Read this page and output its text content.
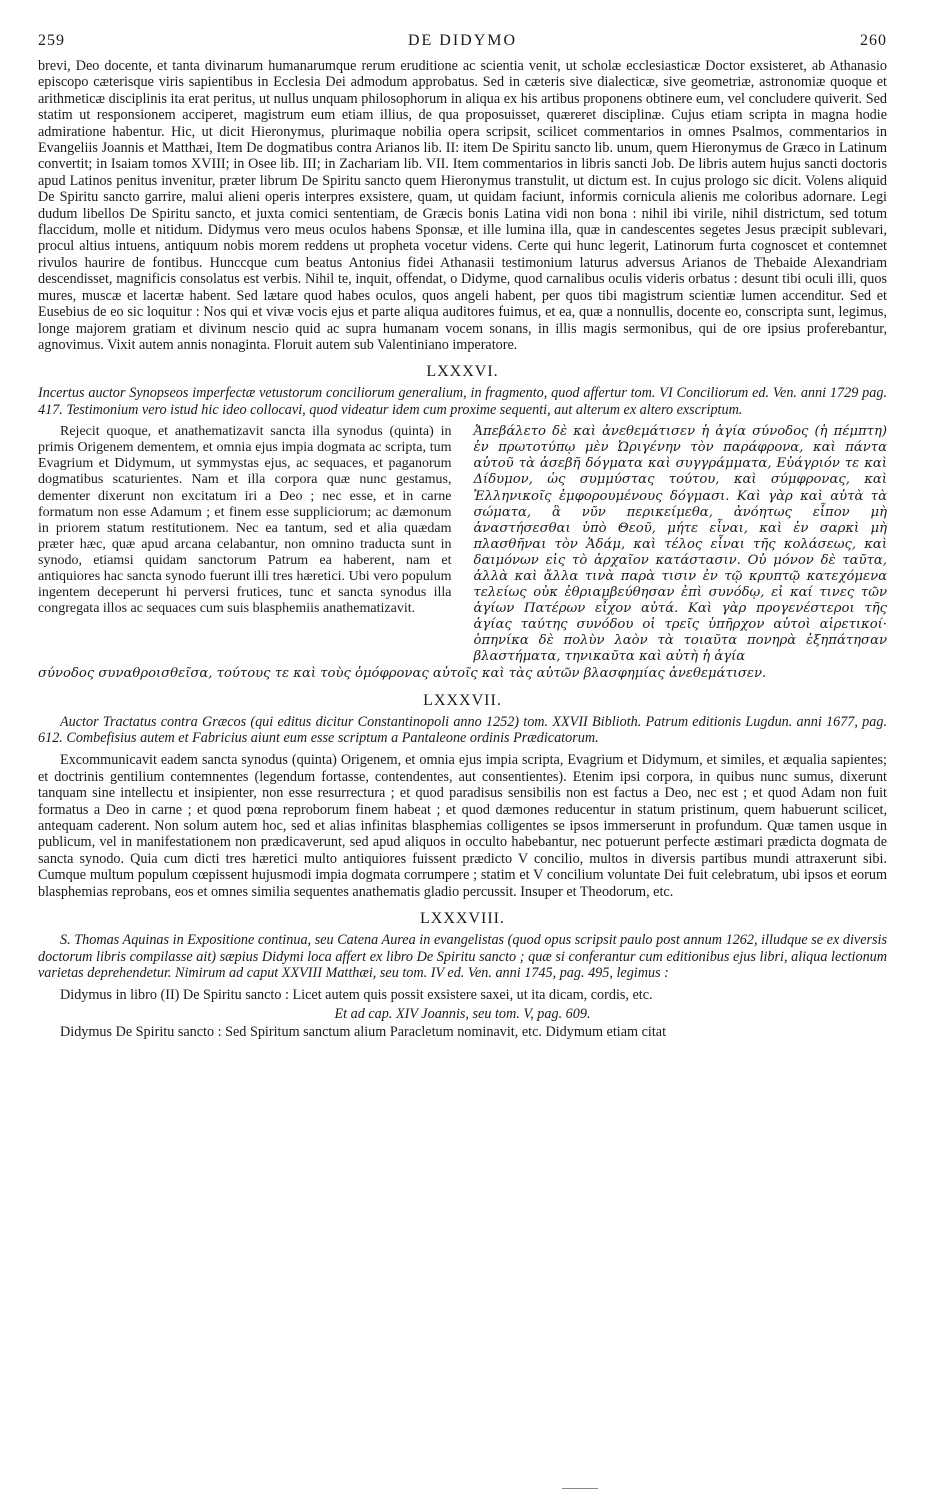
259	DE DIDYMO	260

brevi, Deo docente, et tanta divinarum humanarumque rerum eruditione ac scientia venit, ut scholæ ecclesiasticæ Doctor exsisteret, ab Athanasio episcopo cæterisque viris sapientibus in Ecclesia Dei admodum approbatus. Sed in cæteris sive dialecticæ, sive geometriæ, astronomiæ quoque et arithmeticæ disciplinis ita erat peritus, ut nullus unquam philosophorum in aliqua ex his artibus proponens obtinere eum, vel concludere quiverit. Sed statim ut responsionem acciperet, magistrum eum etiam illius, de qua proposuisset, quæreret disciplinæ. Cujus etiam scripta in magna hodie admiratione habentur. Hic, ut dicit Hieronymus, plurimaque nobilia opera scripsit, scilicet commentarios in omnes Psalmos, commentarios in Evangeliis Joannis et Matthæi, Item De dogmatibus contra Arianos lib. II: item De Spiritu sancto lib. unum, quem Hieronymus de Græco in Latinum convertit; in Isaiam tomos XVIII; in Osee lib. III; in Zachariam lib. VII. Item commentarios in libris sancti Job. De libris autem hujus sancti doctoris apud Latinos penitus invenitur, præter librum De Spiritu sancto quem Hieronymus transtulit, ut dictum est. In cujus prologo sic dicit. Volens aliquid De Spiritu sancto garrire, malui alieni operis interpres exsistere, quam, ut quidam faciunt, informis cornicula alienis me coloribus adornare. Legi dudum libellos De Spiritu sancto, et juxta comici sententiam, de Græcis bonis Latina vidi non bona : nihil ibi virile, nihil districtum, sed totum flaccidum, molle et nitidum. Didymus vero meus oculos habens Sponsæ, et ille lumina illa, quæ in candescentes segetes Jesus præcipit sublevari, procul altius intuens, antiquum nobis morem reddens ut propheta vocetur videns. Certe qui hunc legerit, Latinorum furta cognoscet et contemnet rivulos haurire de fontibus. Hunccque cum beatus Antonius fidei Athanasii testimonium laturus adversus Arianos de Thebaide Alexandriam descendisset, magnificis consolatus est verbis. Nihil te, inquit, offendat, o Didyme, quod carnalibus oculis videris orbatus : desunt tibi oculi illi, quos mures, muscæ et lacertæ habent. Sed lætare quod habes oculos, quos angeli habent, per quos tibi magistrum scientiæ lumen accenditur. Sed et Eusebius de eo sic loquitur : Nos qui et vivæ vocis ejus et parte aliqua auditores fuimus, et ea, quæ a nonnullis, docente eo, conscripta sunt, legimus, longe majorem gratiam et divinum nescio quid ac supra humanam vocem sonans, in illis magis sermonibus, qui de ore ipsius proferebantur, agnovimus. Vixit autem annis nonaginta. Floruit autem sub Valentiniano imperatore.

LXXXVI.

Incertus auctor Synopseos imperfectæ vetustorum conciliorum generalium, in fragmento, quod affertur tom. VI Conciliorum ed. Ven. anni 1729 pag. 417. Testimonium vero istud hic ideo collocavi, quod videatur idem cum proxime sequenti, aut alterum ex altero exscriptum.

Rejecit quoque, et anathematizavit sancta illa synodus (quinta) in primis Origenem dementem, et omnia ejus impia dogmata ac scripta, tum Evagrium et Didymum, ut symmystas ejus, ac sequaces, et paganorum dogmatibus scaturientes. Nam et illa corpora quæ nunc gestamus, dementer dixerunt non excitatum iri a Deo ; nec esse, et in carne formatum non esse Adamum ; et finem esse suppliciorum; ac dæmonum in priorem statum restitutionem. Nec ea tantum, sed et alia quædam præter hæc, quæ apud arcana celabantur, non omnino traducta sunt in synodo, etiamsi quidam sanctorum Patrum ea haberent, nam et antiquiores hac sancta synodo fuerunt illi tres hæretici. Ubi vero populum ingentem deceperunt hi perversi frutices, tunc et sancta synodus illa congregata illos ac sequaces cum suis blasphemiis anathematizavit.

Ἀπεβάλετο δὲ καὶ ἀνεθεμάτισεν ἡ ἁγία σύνοδος (ἡ πέμπτη) ἐν πρωτοτύπῳ μὲν Ὠριγένην τὸν παράφρονα, καὶ πάντα αὐτοῦ τὰ ἀσεβῆ δόγματα καὶ συγγράμματα, Εὐάγριόν τε καὶ Δίδυμον, ὡς συμμύστας τούτου, καὶ σύμφρονας, καὶ Ἑλληνικοῖς ἐμφορουμένους δόγμασι. Καὶ γὰρ καὶ αὐτὰ τὰ σώματα, ἃ νῦν περικείμεθα, ἀνόητως εἶπον μὴ ἀναστήσεσθαι ὑπὸ Θεοῦ, μήτε εἶναι, καὶ ἐν σαρκὶ μὴ πλασθῆναι τὸν Ἀδάμ, καὶ τέλος εἶναι τῆς κολάσεως, καὶ δαιμόνων εἰς τὸ ἀρχαῖον κατάστασιν. Οὐ μόνον δὲ ταῦτα, ἀλλὰ καὶ ἄλλα τινὰ παρὰ τισιν ἐν τῷ κρυπτῷ κατεχόμενα τελείως οὐκ ἐθριαμβεύθησαν ἐπὶ συνόδῳ, εἰ καί τινες τῶν ἁγίων Πατέρων εἶχον αὐτά. Καὶ γὰρ προγενέστεροι τῆς ἁγίας ταύτης συνόδου οἱ τρεῖς ὑπῆρχον αὐτοὶ αἱρετικοί· ὁπηνίκα δὲ πολὺν λαὸν τὰ τοιαῦτα πονηρὰ ἐξηπάτησαν βλαστήματα, τηνικαῦτα καὶ αὐτὴ ἡ ἁγία

σύνοδος συναθροισθεῖσα, τούτους τε καὶ τοὺς ὁμόφρονας αὐτοῖς καὶ τὰς αὐτῶν βλασφημίας ἀνεθεμάτισεν.

LXXXVII.

Auctor Tractatus contra Græcos (qui editus dicitur Constantinopoli anno 1252) tom. XXVII Biblioth. Patrum editionis Lugdun. anni 1677, pag. 612. Combefisius autem et Fabricius aiunt eum esse scriptum a Pantaleone ordinis Prædicatorum.

Excommunicavit eadem sancta synodus (quinta) Origenem, et omnia ejus impia scripta, Evagrium et Didymum, et similes, et æqualia sapientes; et doctrinis gentilium contemnentes (legendum fortasse, contendentes, aut consentientes). Etenim ipsi corpora, in quibus nunc sumus, dixerunt tanquam sine intellectu et insipienter, non esse resurrectura ; et quod paradisus sensibilis non est factus a Deo, nec est ; et quod Adam non fuit formatus a Deo in carne ; et quod pœna reproborum finem habeat ; et quod dæmones reducentur in statum pristinum, quem habuerunt scilicet, antequam caderent. Non solum autem hoc, sed et alias infinitas blasphemias colligentes se ipsos immerserunt in profundum. Quæ tamen usque in publicum, vel in manifestationem non prædicaverunt, sed apud aliquos in occulto habebantur, nec potuerunt perfecte æstimari prædicta dogmata de sancta synodo. Quia cum dicti tres hæretici multo antiquiores fuissent prædicto V concilio, multos in diversis partibus mundi attraxerunt sibi. Cumque multum populum cœpissent hujusmodi impia dogmata corrumpere ; statim et V concilium voluntate Dei fuit celebratum, ubi ipsos et eorum blasphemias reprobans, eos et omnes similia sequentes anathematis gladio percussit. Insuper et Theodorum, etc.

LXXXVIII.

S. Thomas Aquinas in Expositione continua, seu Catena Aurea in evangelistas (quod opus scripsit paulo post annum 1262, illudque se ex diversis doctorum libris compilasse ait) sæpius Didymi loca affert ex libro De Spiritu sancto ; quæ si conferantur cum editionibus ejus libri, aliqua lectionum varietas deprehendetur. Nimirum ad caput XXVIII Matthæi, seu tom. IV ed. Ven. anni 1745, pag. 495, legimus :

Didymus in libro (II) De Spiritu sancto : Licet autem quis possit exsistere saxei, ut ita dicam, cordis, etc.

Et ad cap. XIV Joannis, seu tom. V, pag. 609.

Didymus De Spiritu sancto : Sed Spiritum sanctum alium Paracletum nominavit, etc. Didymum etiam citat
